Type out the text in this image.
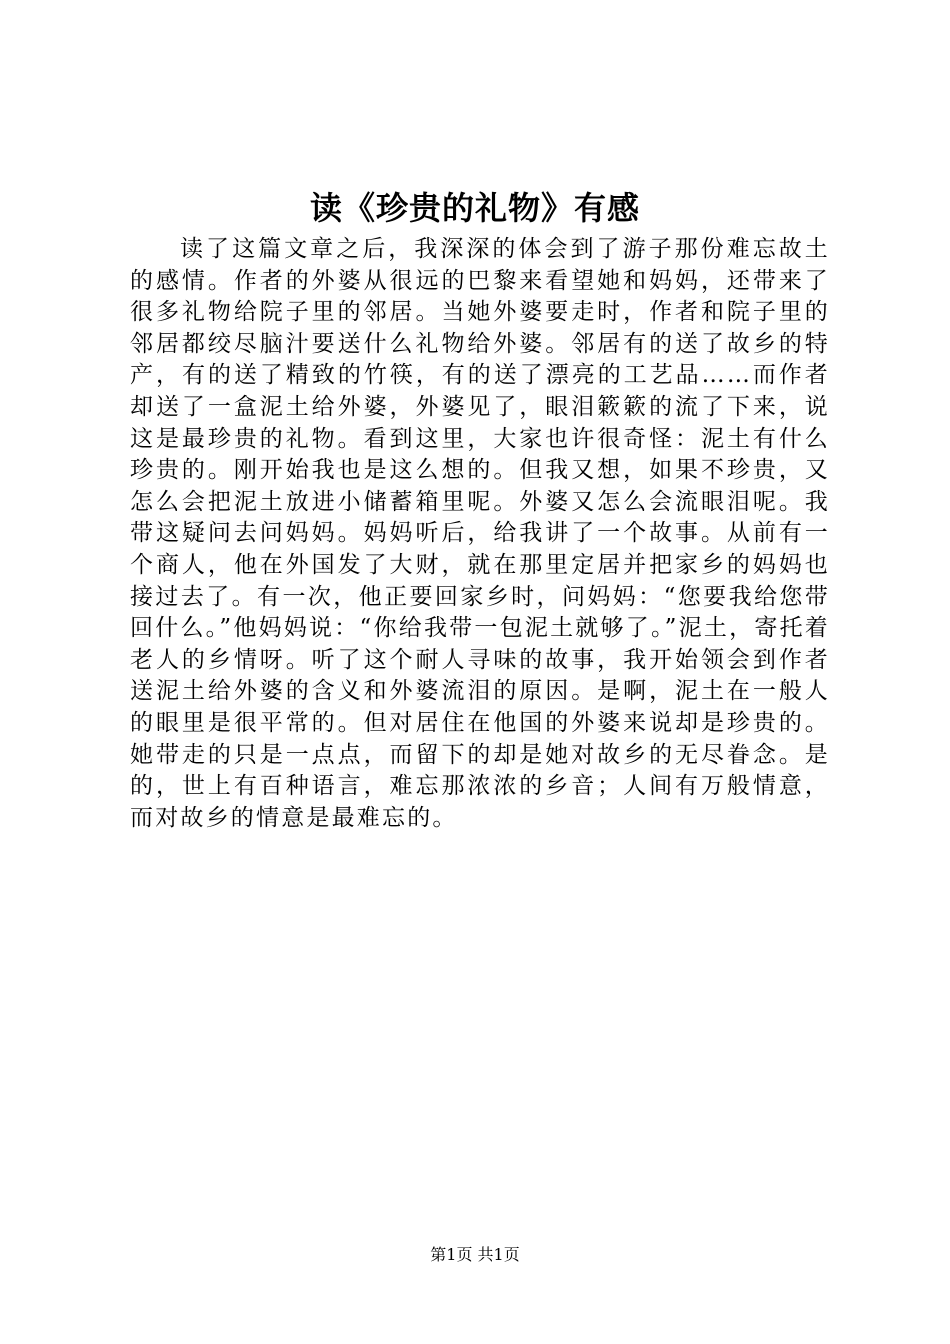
读《珍贵的礼物》有感

读了这篇文章之后，我深深的体会到了游子那份难忘故土的感情。作者的外婆从很远的巴黎来看望她和妈妈，还带来了很多礼物给院子里的邻居。当她外婆要走时，作者和院子里的邻居都绞尽脑汁要送什么礼物给外婆。邻居有的送了故乡的特产，有的送了精致的竹筷，有的送了漂亮的工艺品……而作者却送了一盒泥土给外婆，外婆见了，眼泪簌簌的流了下来，说这是最珍贵的礼物。看到这里，大家也许很奇怪：泥土有什么珍贵的。刚开始我也是这么想的。但我又想，如果不珍贵，又怎么会把泥土放进小储蓄箱里呢。外婆又怎么会流眼泪呢。我带这疑问去问妈妈。妈妈听后，给我讲了一个故事。从前有一个商人，他在外国发了大财，就在那里定居并把家乡的妈妈也接过去了。有一次，他正要回家乡时，问妈妈：“您要我给您带回什么。”他妈妈说：“你给我带一包泥土就够了。”泥土，寄托着老人的乡情呀。听了这个耐人寻味的故事，我开始领会到作者送泥土给外婆的含义和外婆流泪的原因。是啊，泥土在一般人的眼里是很平常的。但对居住在他国的外婆来说却是珍贵的。她带走的只是一点点，而留下的却是她对故乡的无尽眷念。是的，世上有百种语言，难忘那浓浓的乡音；人间有万般情意，而对故乡的情意是最难忘的。

第1页 共1页
